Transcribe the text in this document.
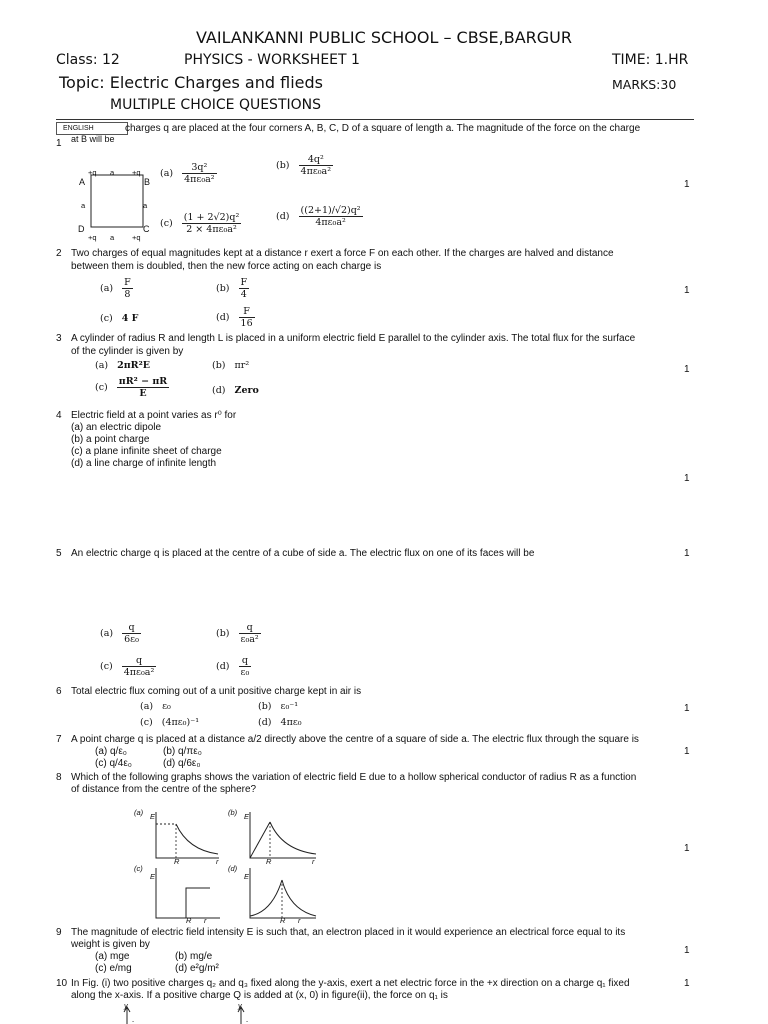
VAILANKANNI PUBLIC SCHOOL – CBSE,BARGUR
Class: 12	PHYSICS - WORKSHEET 1	TIME: 1.HR
Topic: Electric Charges and flieds	MARKS:30
MULTIPLE CHOICE QUESTIONS
ENGLISH	charges q are placed at the four corners A, B, C, D of a square of length a. The magnitude of the force on the charge
at B will be
1
+q a +q
A	B
a	a
D	C
+q a +q
$(a) \frac{\text{3q²}}{\text{4πε₀a²}}$	$(b) \frac{\text{4q²}}{\text{4πε₀a²}}$
$(c) \frac{\text{(1 + 2√2)q²}}{\text{2 × 4πε₀a²}}$	$(d) \frac{\text{((2+1)/√2)q²}}{\text{4πε₀a²}}$
1
2 Two charges of equal magnitudes kept at a distance r exert a force F on each other. If the charges are halved and distance
between them is doubled, then the new force acting on each charge is
$(a) \frac{F}{8}$	$(b) \frac{F}{4}$
(c) 4 F	$(d) \frac{F}{16}$
1
3 A cylinder of radius R and length L is placed in a uniform electric field E parallel to the cylinder axis. The total flux for the surface
of the cylinder is given by
(a) 2πR²E	(b) πr²
$(c) \frac{\text{πR² − πR}}{E}$	(d) Zero
1
4 Electric field at a point varies as r⁰ for
(a) an electric dipole
(b) a point charge
(c) a plane infinite sheet of charge
(d) a line charge of infinite length
1
5 An electric charge q is placed at the centre of a cube of side a. The electric flux on one of its faces will be	1
$(a) \frac{q}{\text{6ε₀}}$	$(b) \frac{q}{\text{ε₀a²}}$
$(c) \frac{q}{\text{4πε₀a²}}$	$(d) \frac{q}{\text{ε₀}}$
6 Total electric flux coming out of a unit positive charge kept in air is
(a) ε₀	(b) ε₀⁻¹
(c) (4πε₀)⁻¹	(d) 4πε₀
1
7 A point charge q is placed at a distance a/2 directly above the centre of a square of side a. The electric flux through the square is
(a) q/ε₀	(b) q/πε₀
(c) q/4ε₀	(d) q/6ε₀
1
8 Which of the following graphs shows the variation of electric field E due to a hollow spherical conductor of radius R as a function
of distance from the centre of the sphere?
1
(a) E
R	r
(b) E
R	r
(c)
E
R r
(d)
E
R r
9 The magnitude of electric field intensity E is such that, an electron placed in it would experience an electrical force equal to its
weight is given by
(a) mge	(b) mg/e
(c) e/mg	(d) e²g/m²
1
10 In Fig. (i) two positive charges q₂ and q₃ fixed along the y-axis, exert a net electric force in the +x direction on a charge q₁ fixed
along the x-axis. If a positive charge Q is added at (x, 0) in figure(ii), the force on q₁ is
1
y	y
-	-
